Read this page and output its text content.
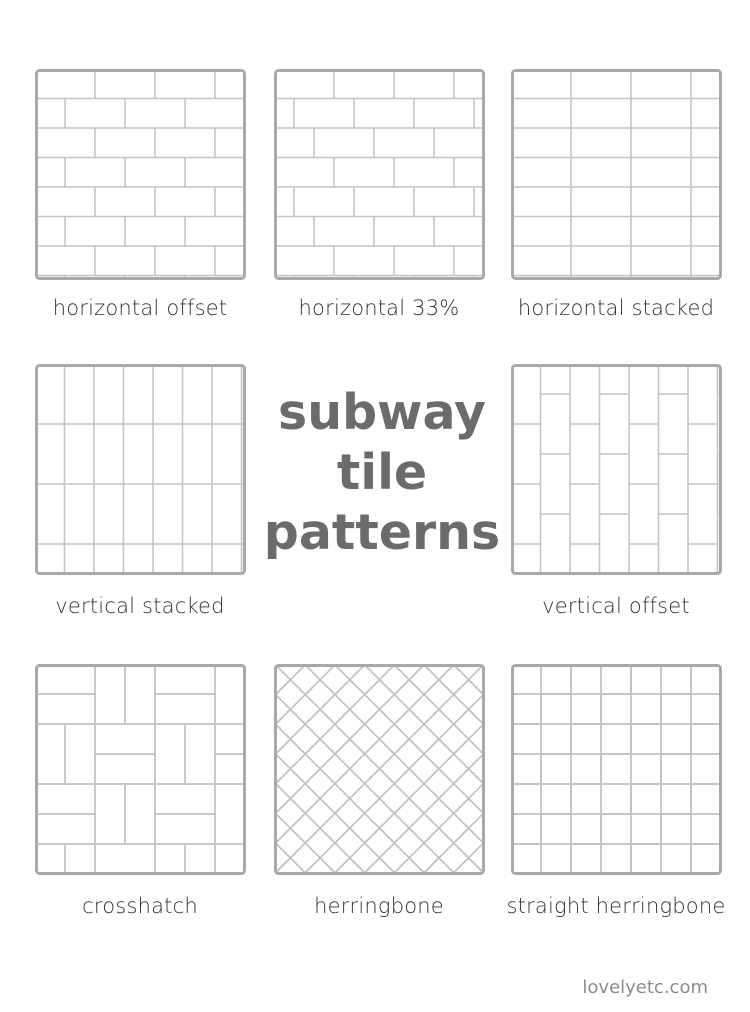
horizontal offset	horizontal 33%	horizontal stacked
vertical stacked
subway
tile
patterns
vertical offset
crosshatch	herringbone	straight herringbone
lovelyetc.com
